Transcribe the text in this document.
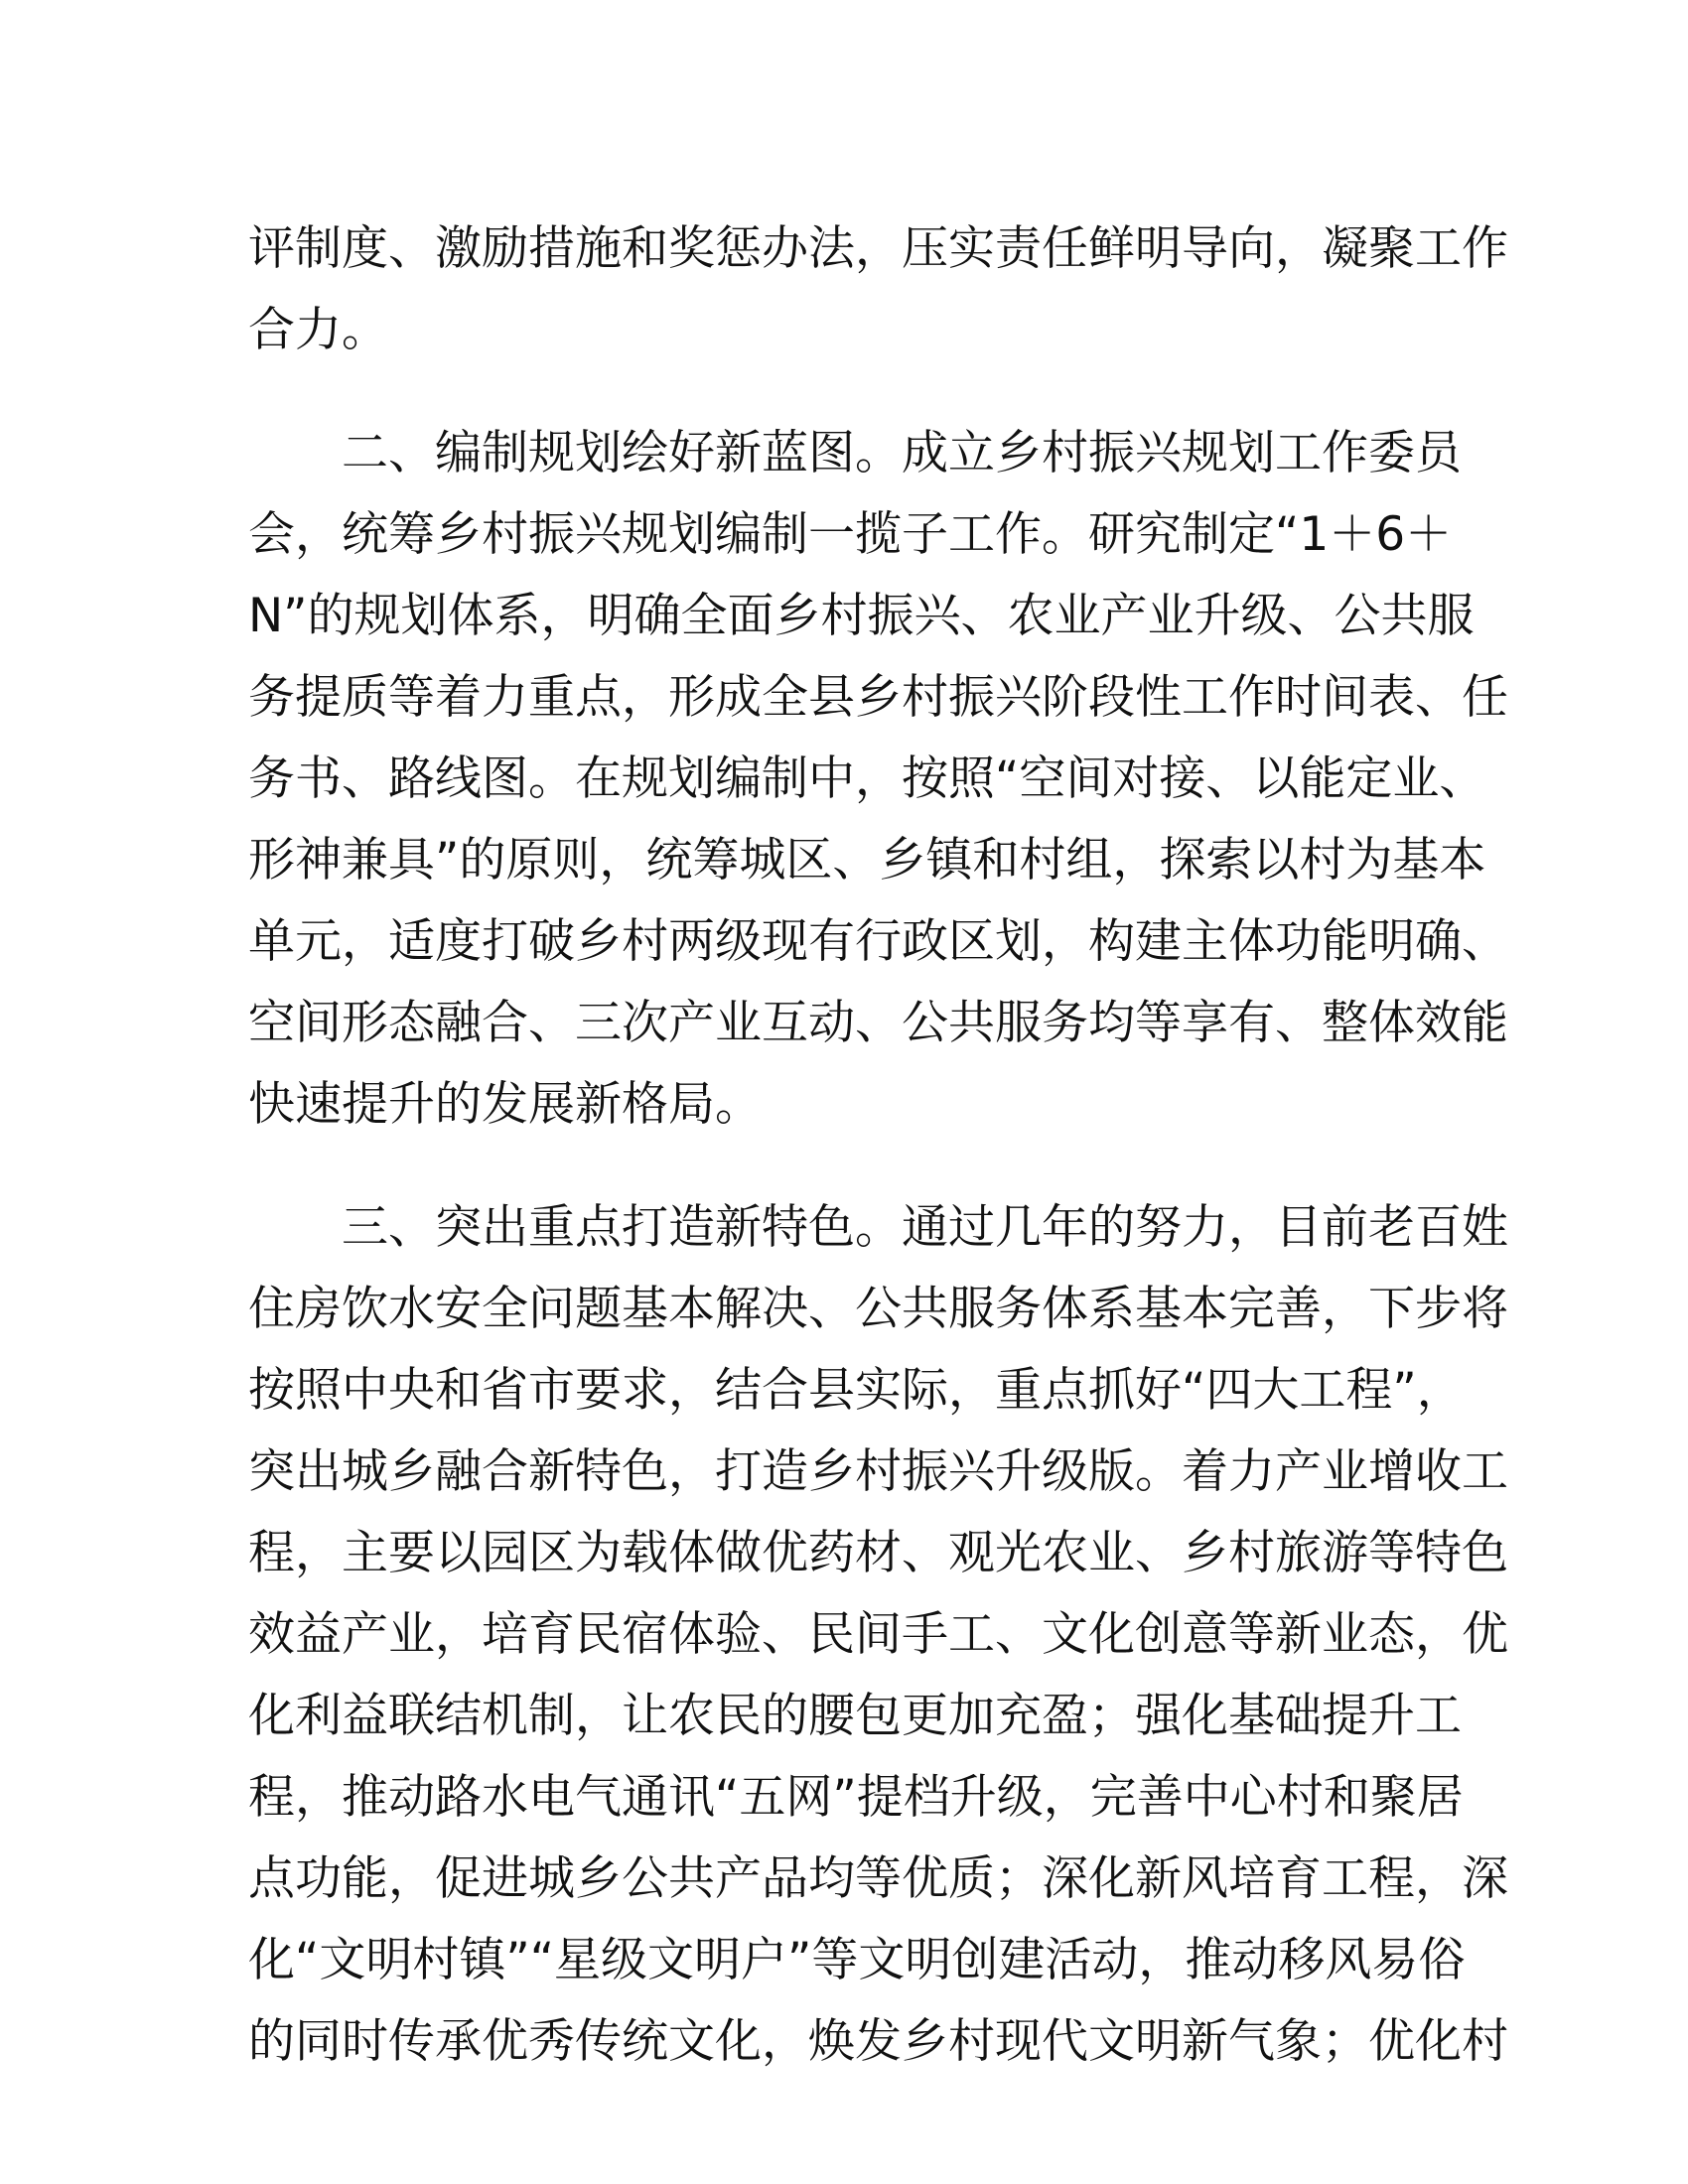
评制度、激励措施和奖惩办法，压实责任鲜明导向，凝聚工作
合力。
二、编制规划绘好新蓝图。成立乡村振兴规划工作委员
会，统筹乡村振兴规划编制一揽子工作。研究制定“1＋6＋
N”的规划体系，明确全面乡村振兴、农业产业升级、公共服
务提质等着力重点，形成全县乡村振兴阶段性工作时间表、任
务书、路线图。在规划编制中，按照“空间对接、以能定业、
形神兼具”的原则，统筹城区、乡镇和村组，探索以村为基本
单元，适度打破乡村两级现有行政区划，构建主体功能明确、
空间形态融合、三次产业互动、公共服务均等享有、整体效能
快速提升的发展新格局。
三、突出重点打造新特色。通过几年的努力，目前老百姓
住房饮水安全问题基本解决、公共服务体系基本完善，下步将
按照中央和省市要求，结合县实际，重点抓好“四大工程”，
突出城乡融合新特色，打造乡村振兴升级版。着力产业增收工
程，主要以园区为载体做优药材、观光农业、乡村旅游等特色
效益产业，培育民宿体验、民间手工、文化创意等新业态，优
化利益联结机制，让农民的腰包更加充盈；强化基础提升工
程，推动路水电气通讯“五网”提档升级，完善中心村和聚居
点功能，促进城乡公共产品均等优质；深化新风培育工程，深
化“文明村镇”“星级文明户”等文明创建活动，推动移风易俗
的同时传承优秀传统文化，焕发乡村现代文明新气象；优化村
